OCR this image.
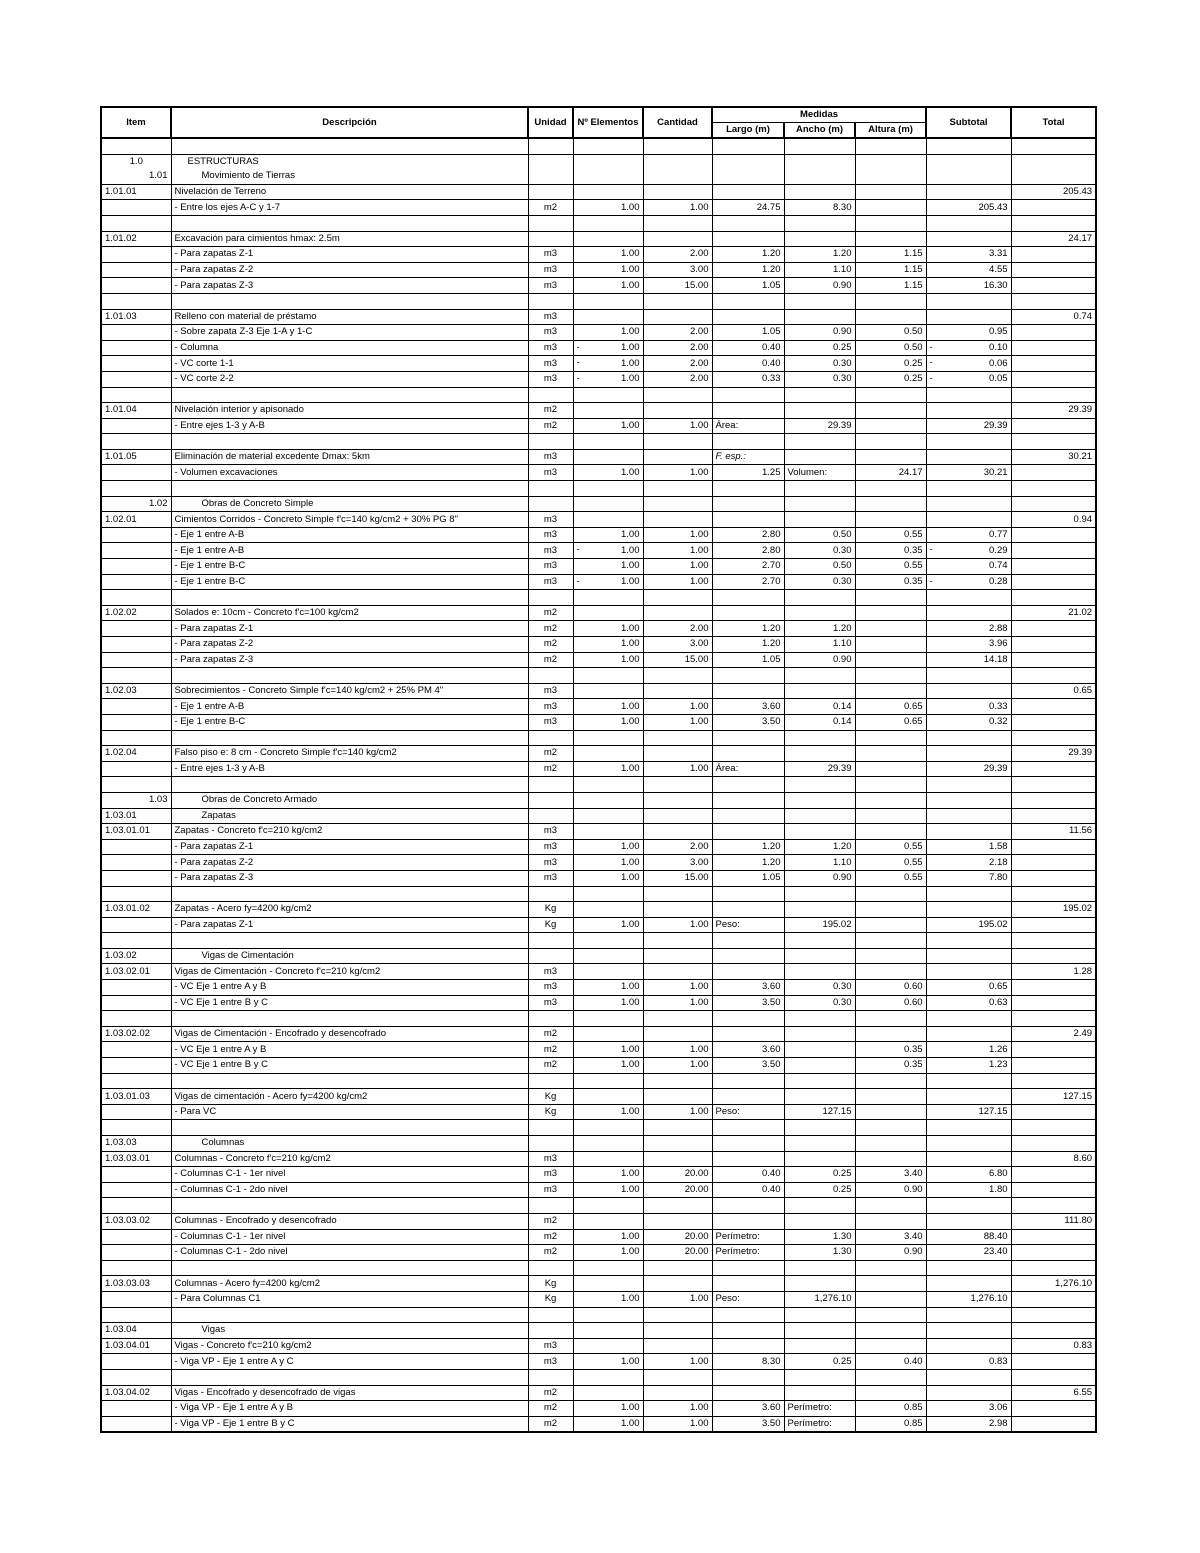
Item	Descripción	Unidad	Nº Elementos	Cantidad	Medidas			Subtotal	Total
					Largo (m)	Ancho (m)	Altura (m)		

1.0	ESTRUCTURAS								
1.01	Movimiento de Tierras								
1.01.01	Nivelación de Terreno								205.43
	- Entre los ejes A-C y 1-7	m2	1.00	1.00	24.75	8.30		205.43	

1.01.02	Excavación para cimientos hmax: 2.5m								24.17
	- Para zapatas Z-1	m3	1.00	2.00	1.20	1.20	1.15	3.31	
	- Para zapatas Z-2	m3	1.00	3.00	1.20	1.10	1.15	4.55	
	- Para zapatas Z-3	m3	1.00	15.00	1.05	0.90	1.15	16.30	

1.01.03	Relleno con material de préstamo	m3							0.74
	- Sobre zapata Z-3 Eje 1-A y 1-C	m3	1.00	2.00	1.05	0.90	0.50	0.95	
	- Columna	m3	- 1.00	2.00	0.40	0.25	0.50	- 0.10	
	- VC corte 1-1	m3	- 1.00	2.00	0.40	0.30	0.25	- 0.06	
	- VC corte 2-2	m3	- 1.00	2.00	0.33	0.30	0.25	- 0.05	

1.01.04	Nivelación interior y apisonado	m2							29.39
	- Entre ejes 1-3 y A-B	m2	1.00	1.00	Área:	29.39		29.39	

1.01.05	Eliminación de material excedente Dmax: 5km	m3			F. esp.:				30.21
	- Volumen excavaciones	m3	1.00	1.00	1.25	Volumen:	24.17	30.21	

1.02	Obras de Concreto Simple								
1.02.01	Cimientos Corridos - Concreto Simple f'c=140 kg/cm2 + 30% PG 8"	m3							0.94
	- Eje 1 entre A-B	m3	1.00	1.00	2.80	0.50	0.55	0.77	
	- Eje 1 entre A-B	m3	- 1.00	1.00	2.80	0.30	0.35	- 0.29	
	- Eje 1 entre B-C	m3	1.00	1.00	2.70	0.50	0.55	0.74	
	- Eje 1 entre B-C	m3	- 1.00	1.00	2.70	0.30	0.35	- 0.28	

1.02.02	Solados e: 10cm - Concreto f'c=100 kg/cm2	m2							21.02
	- Para zapatas Z-1	m2	1.00	2.00	1.20	1.20		2.88	
	- Para zapatas Z-2	m2	1.00	3.00	1.20	1.10		3.96	
	- Para zapatas Z-3	m2	1.00	15.00	1.05	0.90		14.18	

1.02.03	Sobrecimientos - Concreto Simple f'c=140 kg/cm2 + 25% PM 4"	m3							0.65
	- Eje 1 entre A-B	m3	1.00	1.00	3.60	0.14	0.65	0.33	
	- Eje 1 entre B-C	m3	1.00	1.00	3.50	0.14	0.65	0.32	

1.02.04	Falso piso e: 8 cm - Concreto Simple f'c=140 kg/cm2	m2							29.39
	- Entre ejes 1-3 y A-B	m2	1.00	1.00	Área:	29.39		29.39	

1.03	Obras de Concreto Armado								
1.03.01	Zapatas								
1.03.01.01	Zapatas - Concreto f'c=210 kg/cm2	m3							11.56
	- Para zapatas Z-1	m3	1.00	2.00	1.20	1.20	0.55	1.58	
	- Para zapatas Z-2	m3	1.00	3.00	1.20	1.10	0.55	2.18	
	- Para zapatas Z-3	m3	1.00	15.00	1.05	0.90	0.55	7.80	

1.03.01.02	Zapatas - Acero fy=4200 kg/cm2	Kg							195.02
	- Para zapatas Z-1	Kg	1.00	1.00	Peso:	195.02		195.02	

1.03.02	Vigas de Cimentación								
1.03.02.01	Vigas de Cimentación - Concreto f'c=210 kg/cm2	m3							1.28
	- VC Eje 1 entre A y B	m3	1.00	1.00	3.60	0.30	0.60	0.65	
	- VC Eje 1 entre B y C	m3	1.00	1.00	3.50	0.30	0.60	0.63	

1.03.02.02	Vigas de Cimentación - Encofrado y desencofrado	m2							2.49
	- VC Eje 1 entre A y B	m2	1.00	1.00	3.60		0.35	1.26	
	- VC Eje 1 entre B y C	m2	1.00	1.00	3.50		0.35	1.23	

1.03.01.03	Vigas de cimentación - Acero fy=4200 kg/cm2	Kg							127.15
	- Para VC	Kg	1.00	1.00	Peso:	127.15		127.15	

1.03.03	Columnas								
1.03.03.01	Columnas - Concreto f'c=210 kg/cm2	m3							8.60
	- Columnas C-1 - 1er nivel	m3	1.00	20.00	0.40	0.25	3.40	6.80	
	- Columnas C-1 - 2do nivel	m3	1.00	20.00	0.40	0.25	0.90	1.80	

1.03.03.02	Columnas - Encofrado y desencofrado	m2							111.80
	- Columnas C-1 - 1er nivel	m2	1.00	20.00	Perímetro:	1.30	3.40	88.40	
	- Columnas C-1 - 2do nivel	m2	1.00	20.00	Perímetro:	1.30	0.90	23.40	

1.03.03.03	Columnas - Acero fy=4200 kg/cm2	Kg							1,276.10
	- Para Columnas C1	Kg	1.00	1.00	Peso:	1,276.10		1,276.10	

1.03.04	Vigas								
1.03.04.01	Vigas - Concreto f'c=210 kg/cm2	m3							0.83
	- Viga VP - Eje 1 entre A y C	m3	1.00	1.00	8.30	0.25	0.40	0.83	

1.03.04.02	Vigas - Encofrado y desencofrado de vigas	m2							6.55
	- Viga VP - Eje 1 entre A y B	m2	1.00	1.00	3.60	Perímetro:	0.85	3.06	
	- Viga VP - Eje 1 entre B y C	m2	1.00	1.00	3.50	Perímetro:	0.85	2.98	
